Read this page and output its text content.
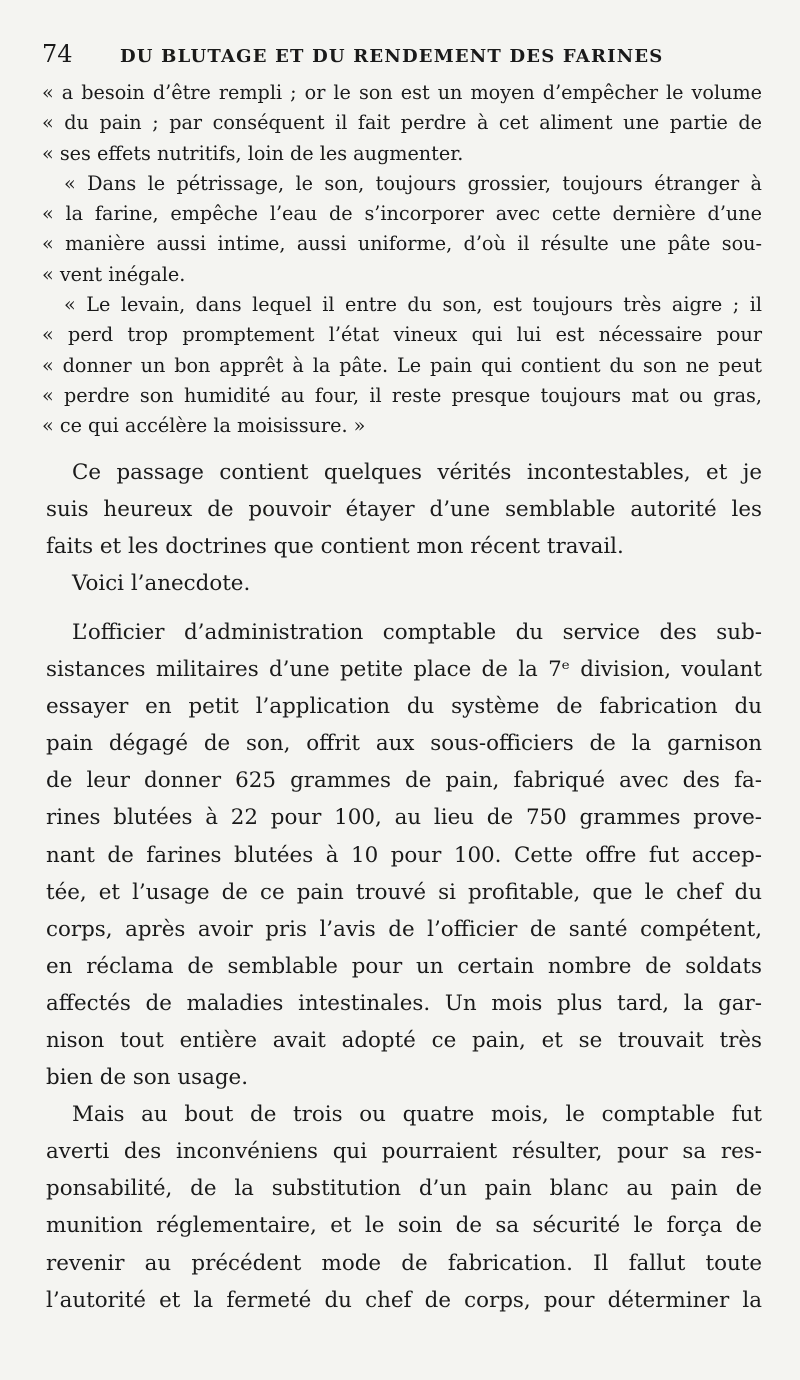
74	DU BLUTAGE ET DU RENDEMENT DES FARINES
« a besoin d’être rempli ; or le son est un moyen d’empêcher le volume
« du pain ; par conséquent il fait perdre à cet aliment une partie de
« ses effets nutritifs, loin de les augmenter.
« Dans le pétrissage, le son, toujours grossier, toujours étranger à
« la farine, empêche l’eau de s’incorporer avec cette dernière d’une
« manière aussi intime, aussi uniforme, d’où il résulte une pâte sou-
« vent inégale.
« Le levain, dans lequel il entre du son, est toujours très aigre ; il
« perd trop promptement l’état vineux qui lui est nécessaire pour
« donner un bon apprêt à la pâte. Le pain qui contient du son ne peut
« perdre son humidité au four, il reste presque toujours mat ou gras,
« ce qui accélère la moisissure. »
Ce passage contient quelques vérités incontestables, et je
suis heureux de pouvoir étayer d’une semblable autorité les
faits et les doctrines que contient mon récent travail.
Voici l’anecdote.
L’officier d’administration comptable du service des sub-
sistances militaires d’une petite place de la 7ᵉ division, voulant
essayer en petit l’application du système de fabrication du
pain dégagé de son, offrit aux sous-officiers de la garnison
de leur donner 625 grammes de pain, fabriqué avec des fa-
rines blutées à 22 pour 100, au lieu de 750 grammes prove-
nant de farines blutées à 10 pour 100. Cette offre fut accep-
tée, et l’usage de ce pain trouvé si profitable, que le chef du
corps, après avoir pris l’avis de l’officier de santé compétent,
en réclama de semblable pour un certain nombre de soldats
affectés de maladies intestinales. Un mois plus tard, la gar-
nison tout entière avait adopté ce pain, et se trouvait très
bien de son usage.
Mais au bout de trois ou quatre mois, le comptable fut
averti des inconvéniens qui pourraient résulter, pour sa res-
ponsabilité, de la substitution d’un pain blanc au pain de
munition réglementaire, et le soin de sa sécurité le força de
revenir au précédent mode de fabrication. Il fallut toute
l’autorité et la fermeté du chef de corps, pour déterminer la
